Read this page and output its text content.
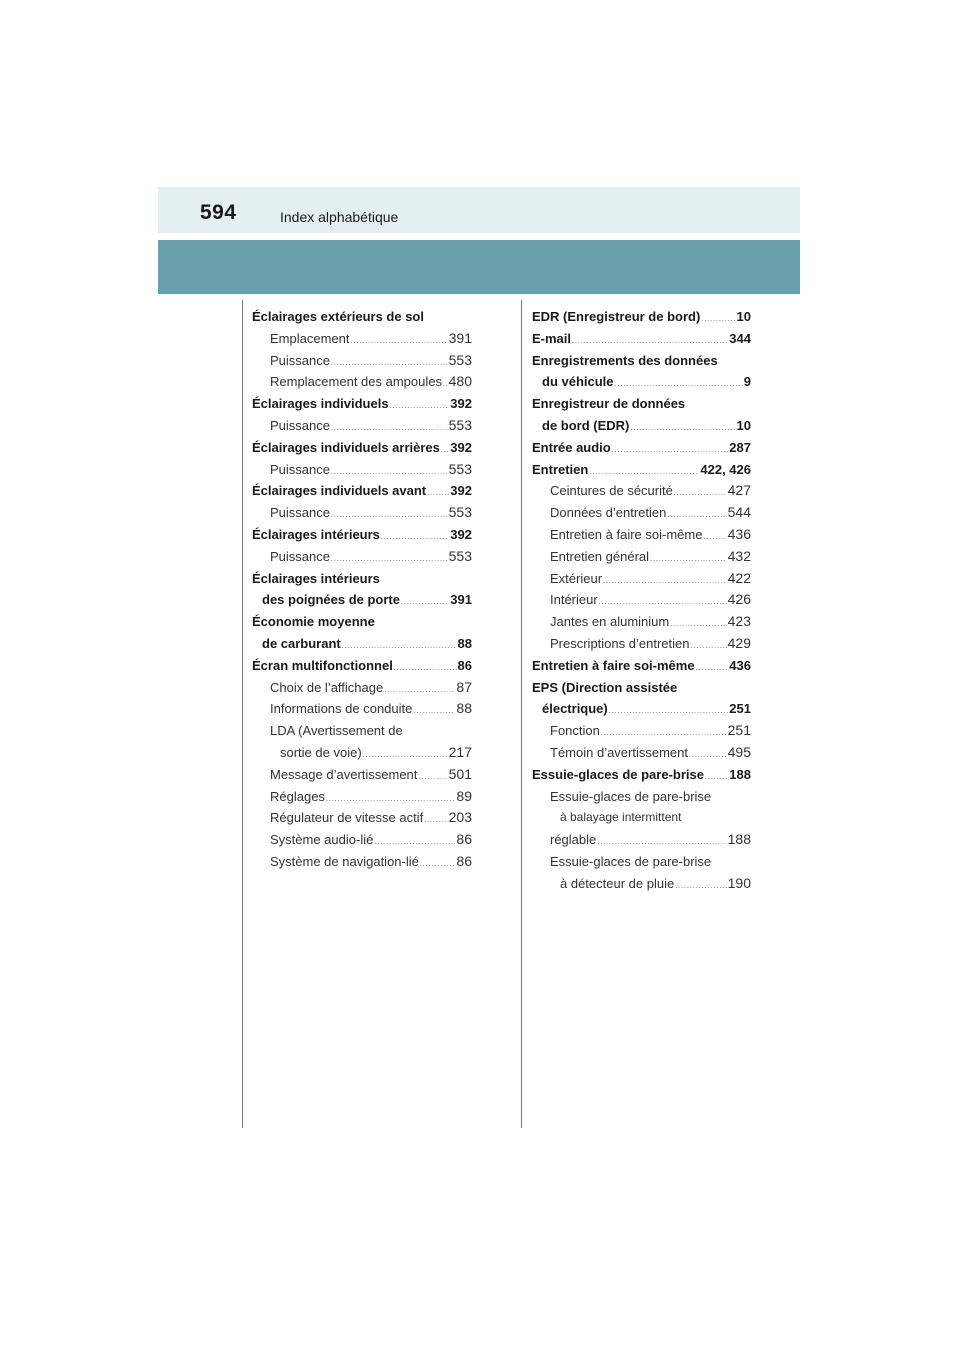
594	Index alphabétique
Éclairages extérieurs de sol
Emplacement .....	391
Puissance .....	553
Remplacement des ampoules ..... 480
Éclairages individuels .....	392
Puissance .....	553
Éclairages individuels arrières ..... 392
Puissance .....	553
Éclairages individuels avant ..... 392
Puissance .....	553
Éclairages intérieurs .....	392
Puissance .....	553
Éclairages intérieurs
des poignées de porte .....	391
Économie moyenne
de carburant .....	88
Écran multifonctionnel .....	86
Choix de l’affichage .....	87
Informations de conduite .....	88
LDA (Avertissement de
sortie de voie) .....	217
Message d’avertissement ..... 501
Réglages .....	89
Régulateur de vitesse actif ..... 203
Système audio-lié .....	86
Système de navigation-lié .....	86
EDR (Enregistreur de bord) .....	10
E-mail .....	344
Enregistrements des données
du véhicule .....	9
Enregistreur de données
de bord (EDR) .....	10
Entrée audio .....	287
Entretien .....	422, 426
Ceintures de sécurité .....	427
Données d’entretien .....	544
Entretien à faire soi-même ..... 436
Entretien général .....	432
Extérieur .....	422
Intérieur .....	426
Jantes en aluminium .....	423
Prescriptions d’entretien .....	429
Entretien à faire soi-même .....	436
EPS (Direction assistée
électrique) .....	251
Fonction .....	251
Témoin d’avertissement .....	495
Essuie-glaces de pare-brise ..... 188
Essuie-glaces de pare-brise
à balayage intermittent
réglable .....	188
Essuie-glaces de pare-brise
à détecteur de pluie .....	190
